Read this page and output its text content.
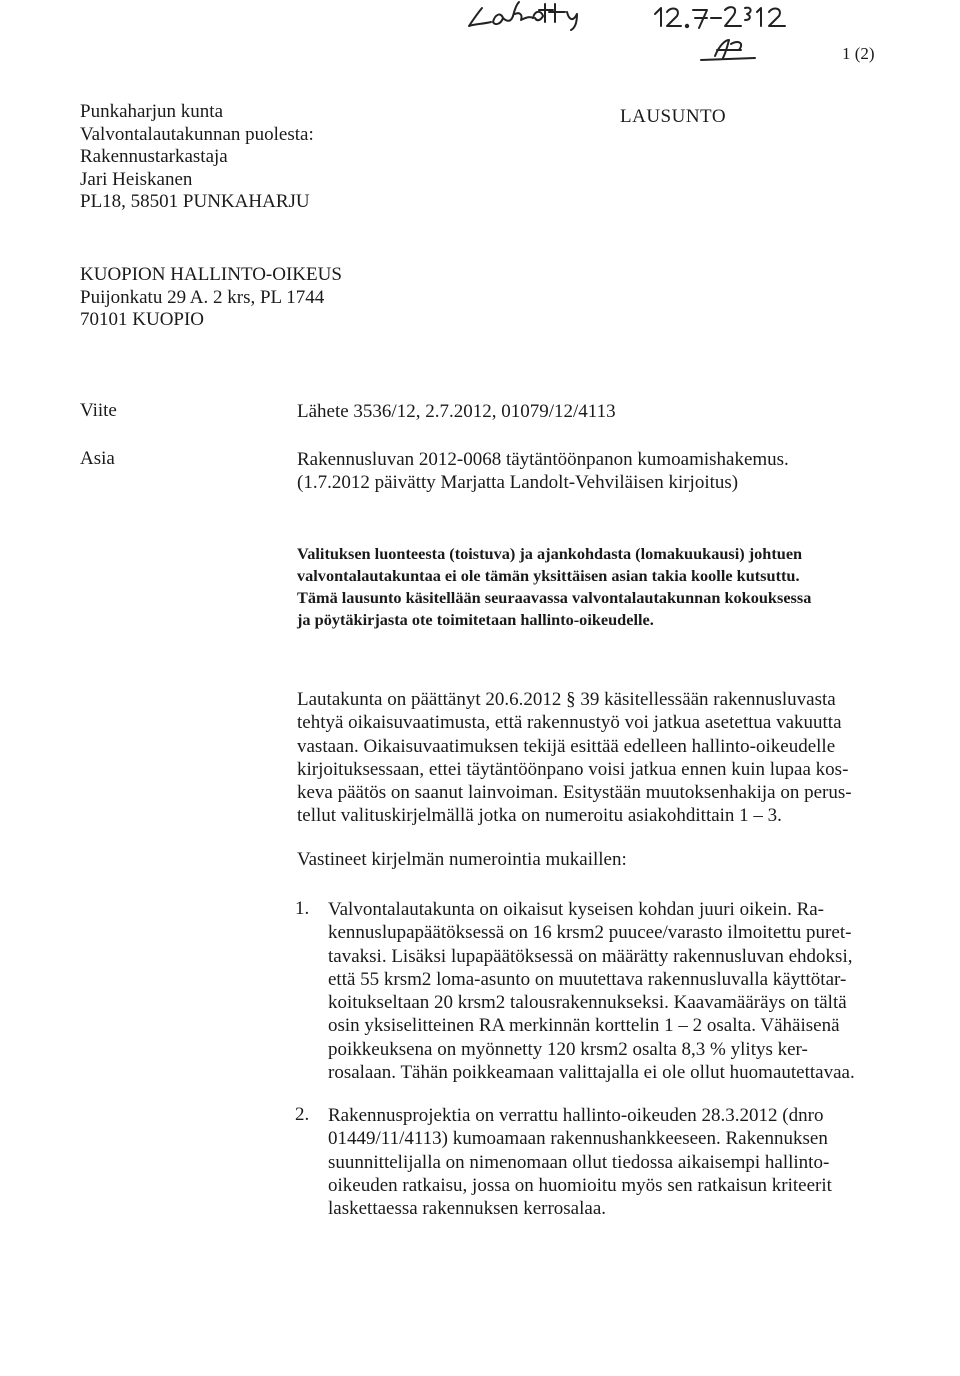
1 (2)
LAUSUNTO
Punkaharjun kunta
Valvontalautakunnan puolesta:
Rakennustarkastaja
Jari Heiskanen
PL18, 58501 PUNKAHARJU
KUOPION HALLINTO-OIKEUS
Puijonkatu 29 A. 2 krs, PL 1744
70101 KUOPIO
Viite	Lähete 3536/12, 2.7.2012, 01079/12/4113
Asia	Rakennusluvan 2012-0068 täytäntöönpanon kumoamishakemus.
(1.7.2012 päivätty Marjatta Landolt-Vehviläisen kirjoitus)
Valituksen luonteesta (toistuva) ja ajankohdasta (lomakuukausi) johtuen
valvontalautakuntaa ei ole tämän yksittäisen asian takia koolle kutsuttu.
Tämä lausunto käsitellään seuraavassa valvontalautakunnan kokouksessa
ja pöytäkirjasta ote toimitetaan hallinto-oikeudelle.
Lautakunta on päättänyt 20.6.2012 § 39 käsitellessään rakennusluvasta
tehtyä oikaisuvaatimusta, että rakennustyö voi jatkua asetettua vakuutta
vastaan. Oikaisuvaatimuksen tekijä esittää edelleen hallinto-oikeudelle
kirjoituksessaan, ettei täytäntöönpano voisi jatkua ennen kuin lupaa kos-
keva päätös on saanut lainvoiman. Esitystään muutoksenhakija on perus-
tellut valituskirjelmällä jotka on numeroitu asiakohdittain 1 – 3.
Vastineet kirjelmän numerointia mukaillen:
1. Valvontalautakunta on oikaisut kyseisen kohdan juuri oikein. Ra-
kennuslupapäätöksessä on 16 krsm2 puucee/varasto ilmoitettu puret-
tavaksi. Lisäksi lupapäätöksessä on määrätty rakennusluvan ehdoksi,
että 55 krsm2 loma-asunto on muutettava rakennusluvalla käyttötar-
koitukseltaan 20 krsm2 talousrakennukseksi. Kaavamääräys on tältä
osin yksiselitteinen RA merkinnän korttelin 1 – 2 osalta. Vähäisenä
poikkeuksena on myönnetty 120 krsm2 osalta 8,3 % ylitys ker-
rosalaan. Tähän poikkeamaan valittajalla ei ole ollut huomautettavaa.
2. Rakennusprojektia on verrattu hallinto-oikeuden 28.3.2012 (dnro
01449/11/4113) kumoamaan rakennushankkeeseen. Rakennuksen
suunnittelijalla on nimenomaan ollut tiedossa aikaisempi hallinto-
oikeuden ratkaisu, jossa on huomioitu myös sen ratkaisun kriteerit
laskettaessa rakennuksen kerrosalaa.
